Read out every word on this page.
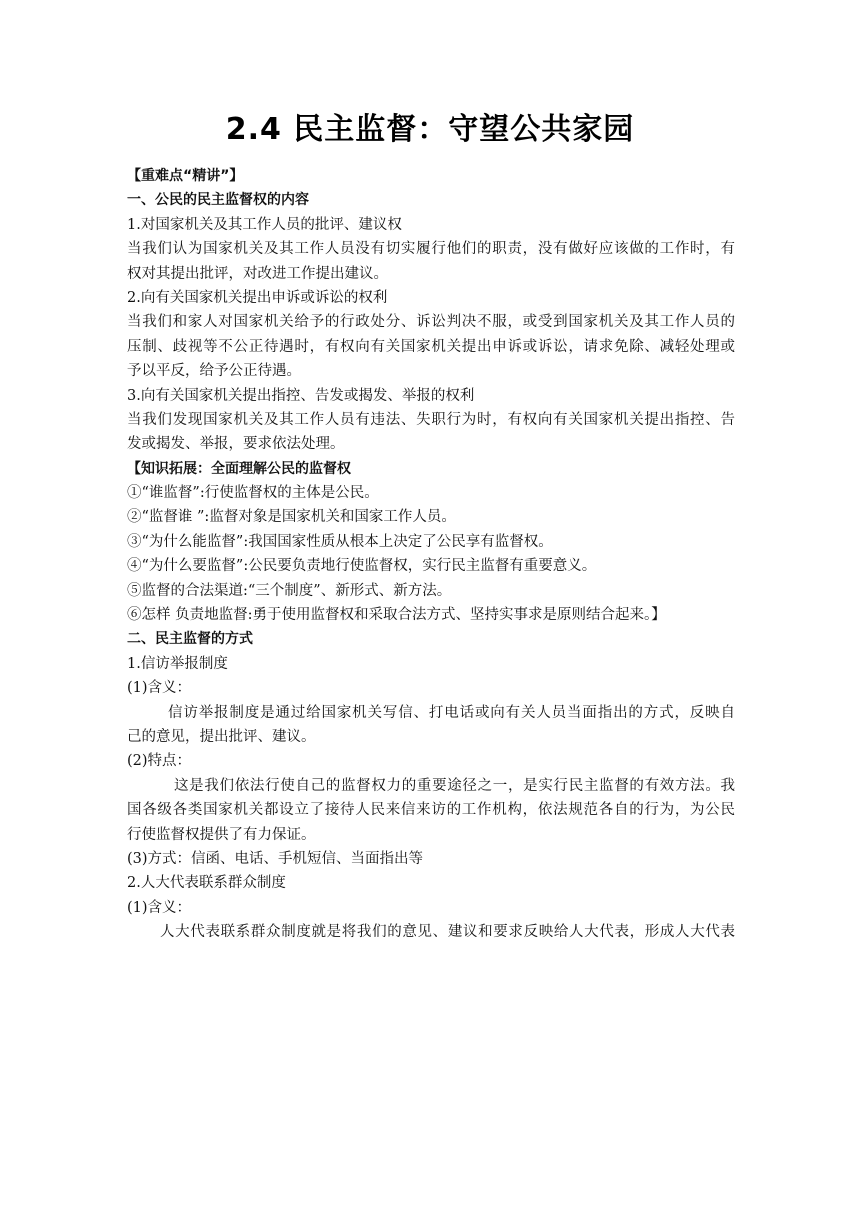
2.4 民主监督：守望公共家园
【重难点“精讲”】
一、公民的民主监督权的内容
1.对国家机关及其工作人员的批评、建议权
当我们认为国家机关及其工作人员没有切实履行他们的职责，没有做好应该做的工作时，有
权对其提出批评，对改进工作提出建议。
2.向有关国家机关提出申诉或诉讼的权利
当我们和家人对国家机关给予的行政处分、诉讼判决不服，或受到国家机关及其工作人员的
压制、歧视等不公正待遇时，有权向有关国家机关提出申诉或诉讼，请求免除、减轻处理或
予以平反，给予公正待遇。
3.向有关国家机关提出指控、告发或揭发、举报的权利
当我们发现国家机关及其工作人员有违法、失职行为时，有权向有关国家机关提出指控、告
发或揭发、举报，要求依法处理。
【知识拓展：全面理解公民的监督权
①“谁监督”:行使监督权的主体是公民。
②“监督谁 ”:监督对象是国家机关和国家工作人员。
③“为什么能监督”:我国国家性质从根本上决定了公民享有监督权。
④“为什么要监督”:公民要负责地行使监督权，实行民主监督有重要意义。
⑤监督的合法渠道:“三个制度”、新形式、新方法。
⑥怎样 负责地监督:勇于使用监督权和采取合法方式、坚持实事求是原则结合起来。】
二、民主监督的方式
1.信访举报制度
(1)含义：
信访举报制度是通过给国家机关写信、打电话或向有关人员当面指出的方式，反映自
己的意见，提出批评、建议。
(2)特点：
这是我们依法行使自己的监督权力的重要途径之一，是实行民主监督的有效方法。我
国各级各类国家机关都设立了接待人民来信来访的工作机构，依法规范各自的行为，为公民
行使监督权提供了有力保证。
(3)方式：信函、电话、手机短信、当面指出等
2.人大代表联系群众制度
(1)含义：
人大代表联系群众制度就是将我们的意见、建议和要求反映给人大代表，形成人大代表
